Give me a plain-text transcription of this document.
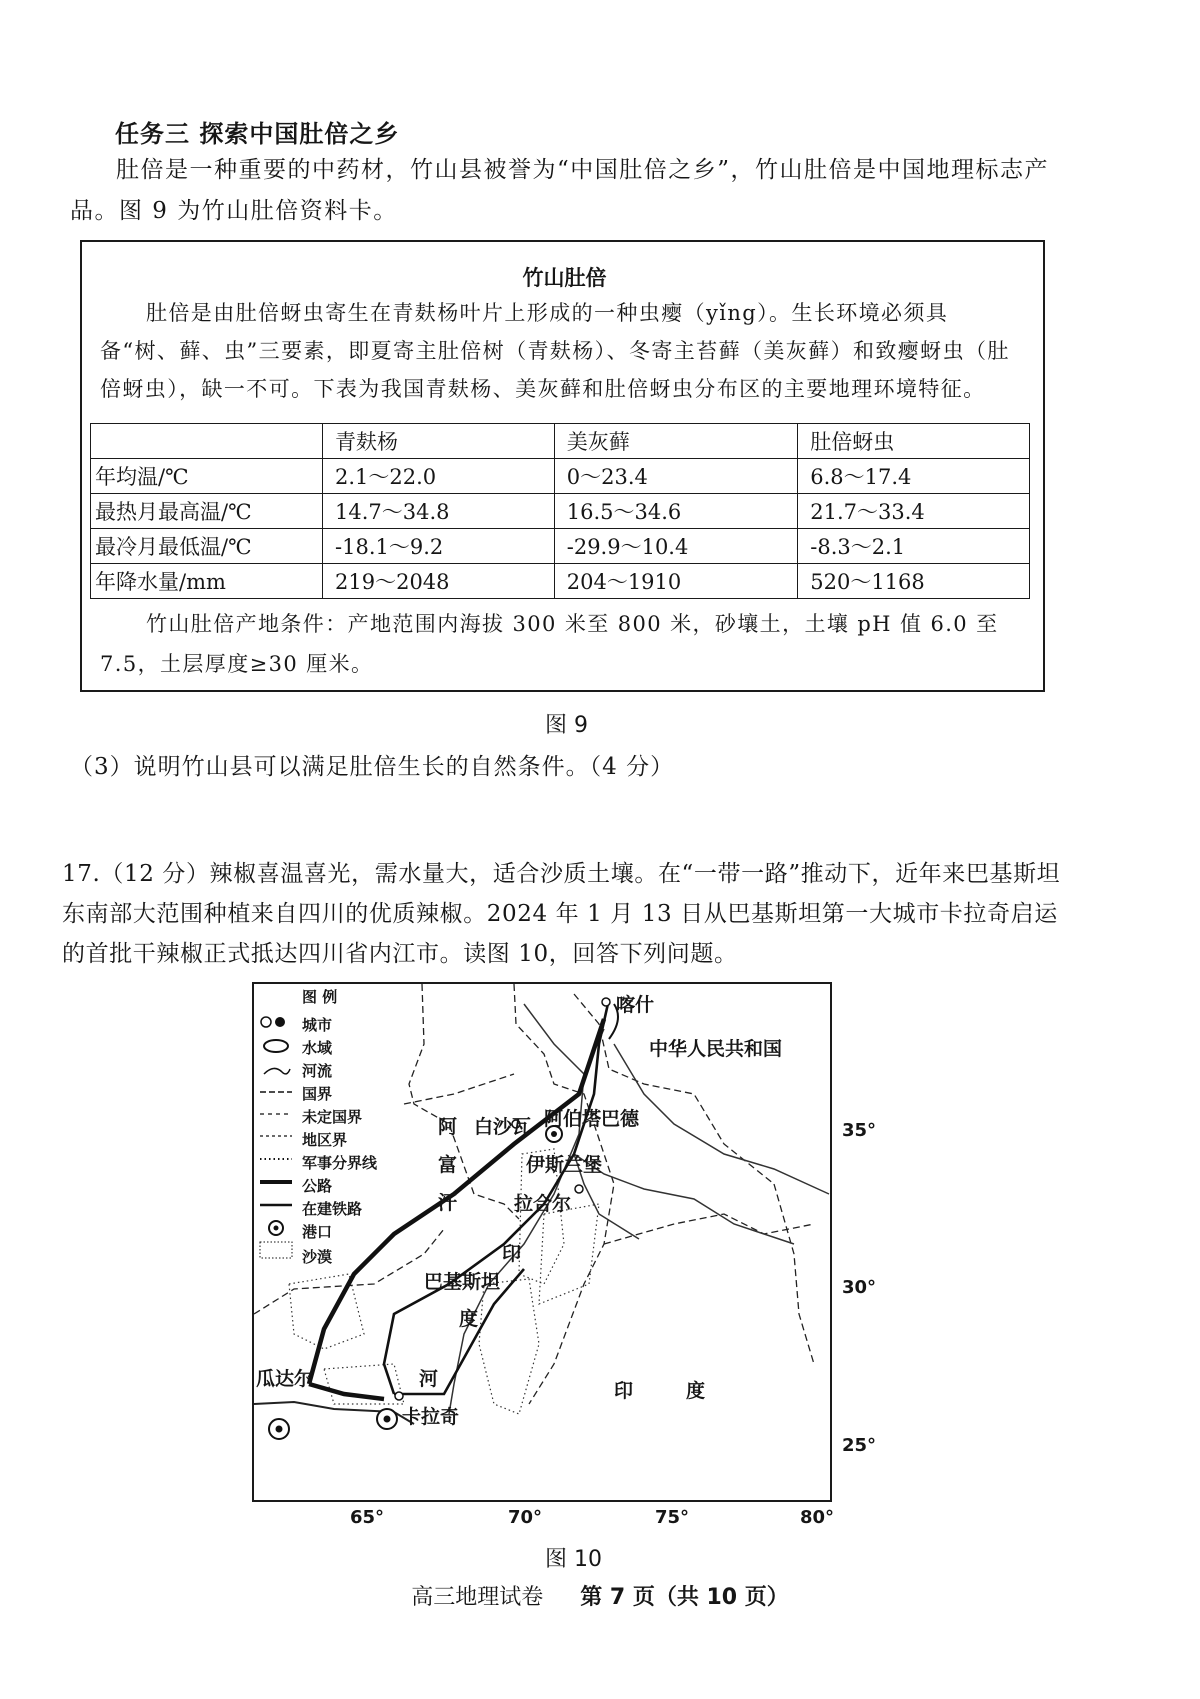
任务三 探索中国肚倍之乡
肚倍是一种重要的中药材，竹山县被誉为“中国肚倍之乡”，竹山肚倍是中国地理标志产品。图 9 为竹山肚倍资料卡。
竹山肚倍
肚倍是由肚倍蚜虫寄生在青麸杨叶片上形成的一种虫瘿（yǐng）。生长环境必须具备“树、藓、虫”三要素，即夏寄主肚倍树（青麸杨）、冬寄主苔藓（美灰藓）和致瘿蚜虫（肚倍蚜虫），缺一不可。下表为我国青麸杨、美灰藓和肚倍蚜虫分布区的主要地理环境特征。
	青麸杨	美灰藓	肚倍蚜虫
年均温/℃	2.1～22.0	0～23.4	6.8～17.4
最热月最高温/℃	14.7～34.8	16.5～34.6	21.7～33.4
最冷月最低温/℃	-18.1～9.2	-29.9～10.4	-8.3～2.1
年降水量/mm	219～2048	204～1910	520～1168
竹山肚倍产地条件：产地范围内海拔 300 米至 800 米，砂壤土，土壤 pH 值 6.0 至 7.5，土层厚度≥30 厘米。
图 9
（3）说明竹山县可以满足肚倍生长的自然条件。（4 分）
17.（12 分）辣椒喜温喜光，需水量大，适合沙质土壤。在“一带一路”推动下，近年来巴基斯坦东南部大范围种植来自四川的优质辣椒。2024 年 1 月 13 日从巴基斯坦第一大城市卡拉奇启运的首批干辣椒正式抵达四川省内江市。读图 10，回答下列问题。
图 例
城市
水域
河流
国界
未定国界
地区界
军事分界线
公路
在建铁路
港口
沙漠
喀什
中华人民共和国
阿
富
汗
白沙瓦 阿伯塔巴德
伊斯兰堡
拉合尔
巴基斯坦
印
度
河
瓜达尔
卡拉奇
印	度
35°
30°
25°
65°	70°	75°	80°
图 10
高三地理试卷 第 7 页（共 10 页）
